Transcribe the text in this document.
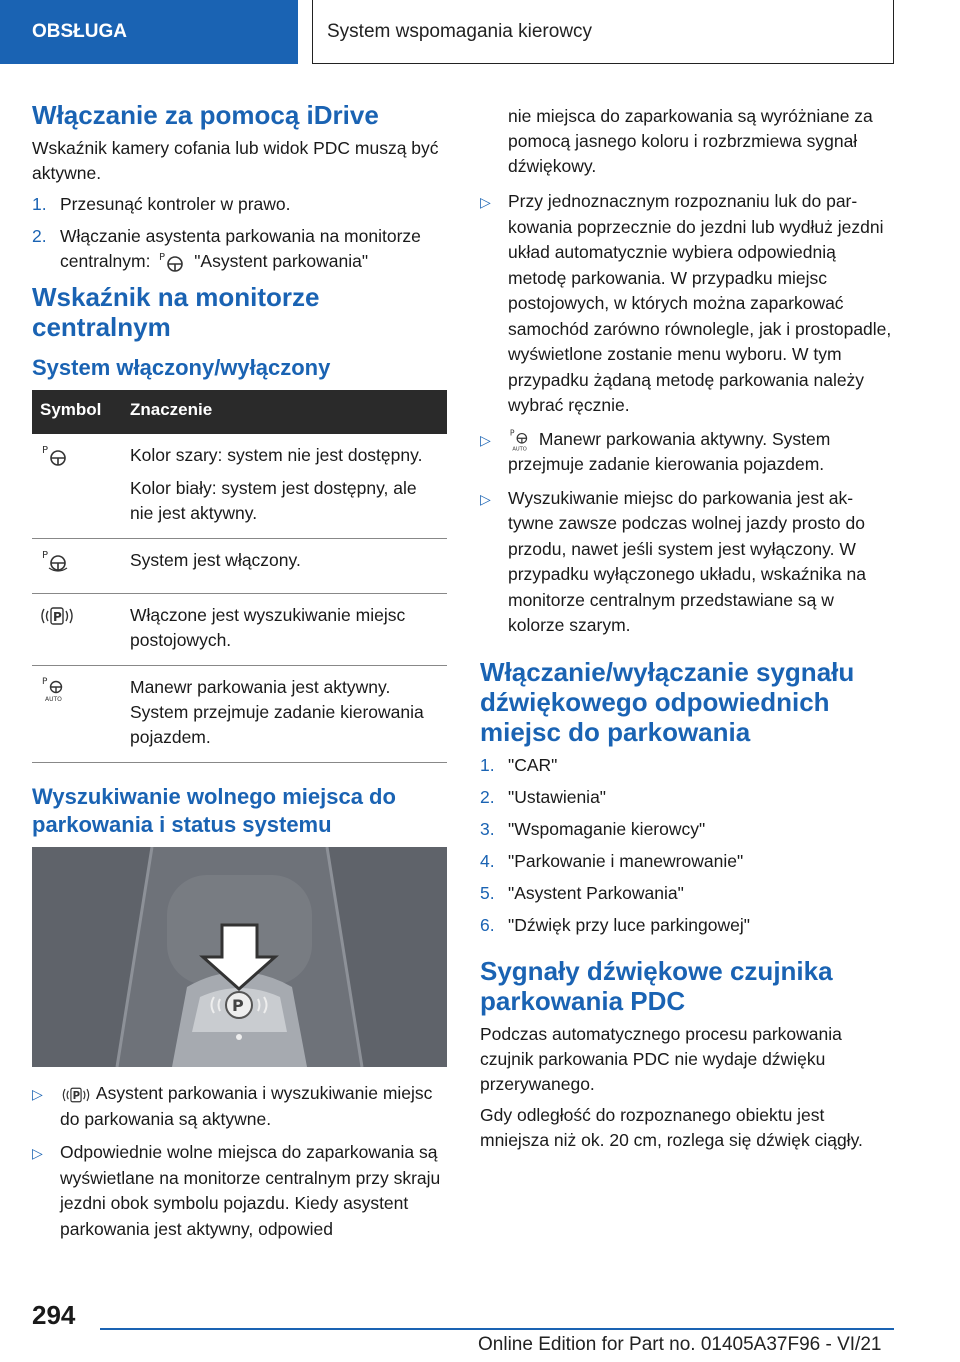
OBSŁUGA	System wspomagania kierowcy
Włączanie za pomocą iDrive

Wskaźnik kamery cofania lub widok PDC muszą być aktywne.

1. Przesunąć kontroler w prawo.
2. Włączanie asystenta parkowania na monitorze centralnym: P "Asystent parkowania"
Wskaźnik na monitorze centralnym
System włączony/wyłączony
Symbol	Znaczenie

P	Kolor szary: system nie jest dostępny.

Kolor biały: system jest dostępny, ale nie jest aktywny.

P	System jest włączony.

P	Włączone jest wyszukiwanie miejsc postojowych.

P
AUTO	Manewr parkowania jest aktywny. System przejmuje zadanie kierowania pojazdem.

Wyszukiwanie wolnego miejsca do parkowania i status systemu
P
▷	P Asystent parkowania i wyszukiwanie miejsc do parkowania są aktywne.
▷ Odpowiednie wolne miejsca do zaparkowania są wyświetlane na monitorze centralnym przy skraju jezdni obok symbolu pojazdu. Kiedy asystent parkowania jest aktywny, odpowied

nie miejsca do zaparkowania są wyróżniane za pomocą jasnego koloru i rozbrzmiewa sygnał dźwiękowy.

▷ Przy jednoznacznym rozpoznaniu luk do parkowania poprzecznie do jezdni lub wydłuż jezdni układ automatycznie wybiera odpowiednią metodę parkowania. W przypadku miejsc postojowych, w których można zaparkować samochód zarówno równolegle, jak i prostopadle, wyświetlone zostanie menu wyboru. W tym przypadku żądaną metodę parkowania należy wybrać ręcznie.
▷	P
AUTO
Manewr parkowania aktywny. System przejmuje zadanie kierowania pojazdem.
▷ Wyszukiwanie miejsc do parkowania jest aktywne zawsze podczas wolnej jazdy prosto do przodu, nawet jeśli system jest wyłączony. W przypadku wyłączonego układu, wskaźnika na monitorze centralnym przedstawiane są w kolorze szarym.
Włączanie/wyłączanie sygnału dźwiękowego odpowiednich miejsc do parkowania
1. "CAR"
2. "Ustawienia"
3. "Wspomaganie kierowcy"
4. "Parkowanie i manewrowanie"
5. "Asystent Parkowania"
6. "Dźwięk przy luce parkingowej"
Sygnały dźwiękowe czujnika parkowania PDC

Podczas automatycznego procesu parkowania czujnik parkowania PDC nie wydaje dźwięku przerywanego.

Gdy odległość do rozpoznanego obiektu jest mniejsza niż ok. 20 cm, rozlega się dźwięk ciągły.

294
Online Edition for Part no. 01405A37F96 - VI/21
